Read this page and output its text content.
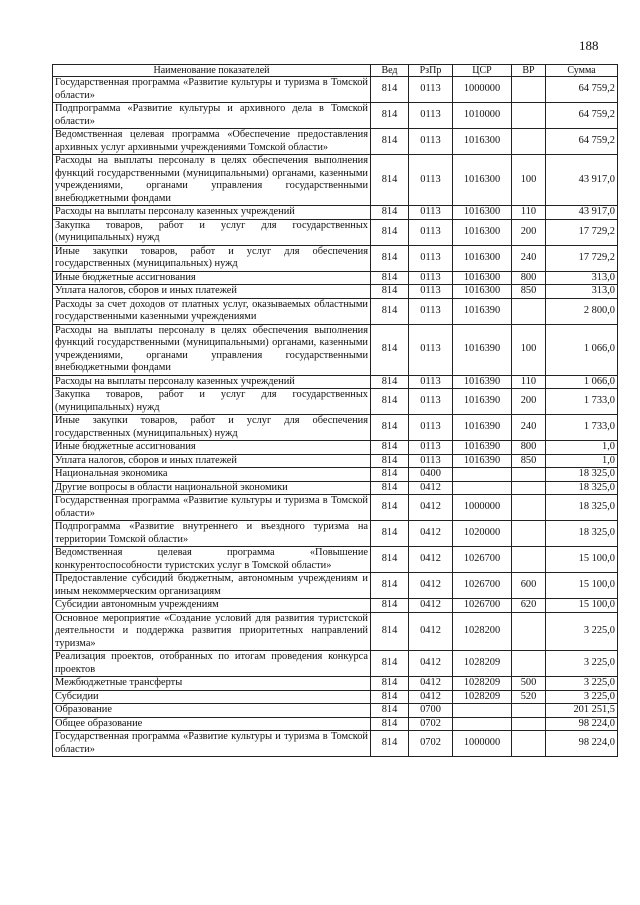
188
Наименование показателей	Вед	РзПр	ЦСР	ВР	Сумма
Государственная программа «Развитие культуры и туризма в Томской области»	814	0113	1000000		64 759,2
Подпрограмма «Развитие культуры и архивного дела в Томской области»	814	0113	1010000		64 759,2
Ведомственная целевая программа «Обеспечение предоставления архивных услуг архивными учреждениями Томской области»	814	0113	1016300		64 759,2
Расходы на выплаты персоналу в целях обеспечения выполнения функций государственными (муниципальными) органами, казенными учреждениями, органами управления государственными внебюджетными фондами	814	0113	1016300	100	43 917,0
Расходы на выплаты персоналу казенных учреждений	814	0113	1016300	110	43 917,0
Закупка товаров, работ и услуг для государственных (муниципальных) нужд	814	0113	1016300	200	17 729,2
Иные закупки товаров, работ и услуг для обеспечения государственных (муниципальных) нужд	814	0113	1016300	240	17 729,2
Иные бюджетные ассигнования	814	0113	1016300	800	313,0
Уплата налогов, сборов и иных платежей	814	0113	1016300	850	313,0
Расходы за счет доходов от платных услуг, оказываемых областными государственными казенными учреждениями	814	0113	1016390		2 800,0
Расходы на выплаты персоналу в целях обеспечения выполнения функций государственными (муниципальными) органами, казенными учреждениями, органами управления государственными внебюджетными фондами	814	0113	1016390	100	1 066,0
Расходы на выплаты персоналу казенных учреждений	814	0113	1016390	110	1 066,0
Закупка товаров, работ и услуг для государственных (муниципальных) нужд	814	0113	1016390	200	1 733,0
Иные закупки товаров, работ и услуг для обеспечения государственных (муниципальных) нужд	814	0113	1016390	240	1 733,0
Иные бюджетные ассигнования	814	0113	1016390	800	1,0
Уплата налогов, сборов и иных платежей	814	0113	1016390	850	1,0
Национальная экономика	814	0400			18 325,0
Другие вопросы в области национальной экономики	814	0412			18 325,0
Государственная программа «Развитие культуры и туризма в Томской области»	814	0412	1000000		18 325,0
Подпрограмма «Развитие внутреннего и въездного туризма на территории Томской области»	814	0412	1020000		18 325,0
Ведомственная целевая программа «Повышение конкурентоспособности туристских услуг в Томской области»	814	0412	1026700		15 100,0
Предоставление субсидий бюджетным, автономным учреждениям и иным некоммерческим организациям	814	0412	1026700	600	15 100,0
Субсидии автономным учреждениям	814	0412	1026700	620	15 100,0
Основное мероприятие «Создание условий для развития туристской деятельности и поддержка развития приоритетных направлений туризма»	814	0412	1028200		3 225,0
Реализация проектов, отобранных по итогам проведения конкурса проектов	814	0412	1028209		3 225,0
Межбюджетные трансферты	814	0412	1028209	500	3 225,0
Субсидии	814	0412	1028209	520	3 225,0
Образование	814	0700			201 251,5
Общее образование	814	0702			98 224,0
Государственная программа «Развитие культуры и туризма в Томской области»	814	0702	1000000		98 224,0
